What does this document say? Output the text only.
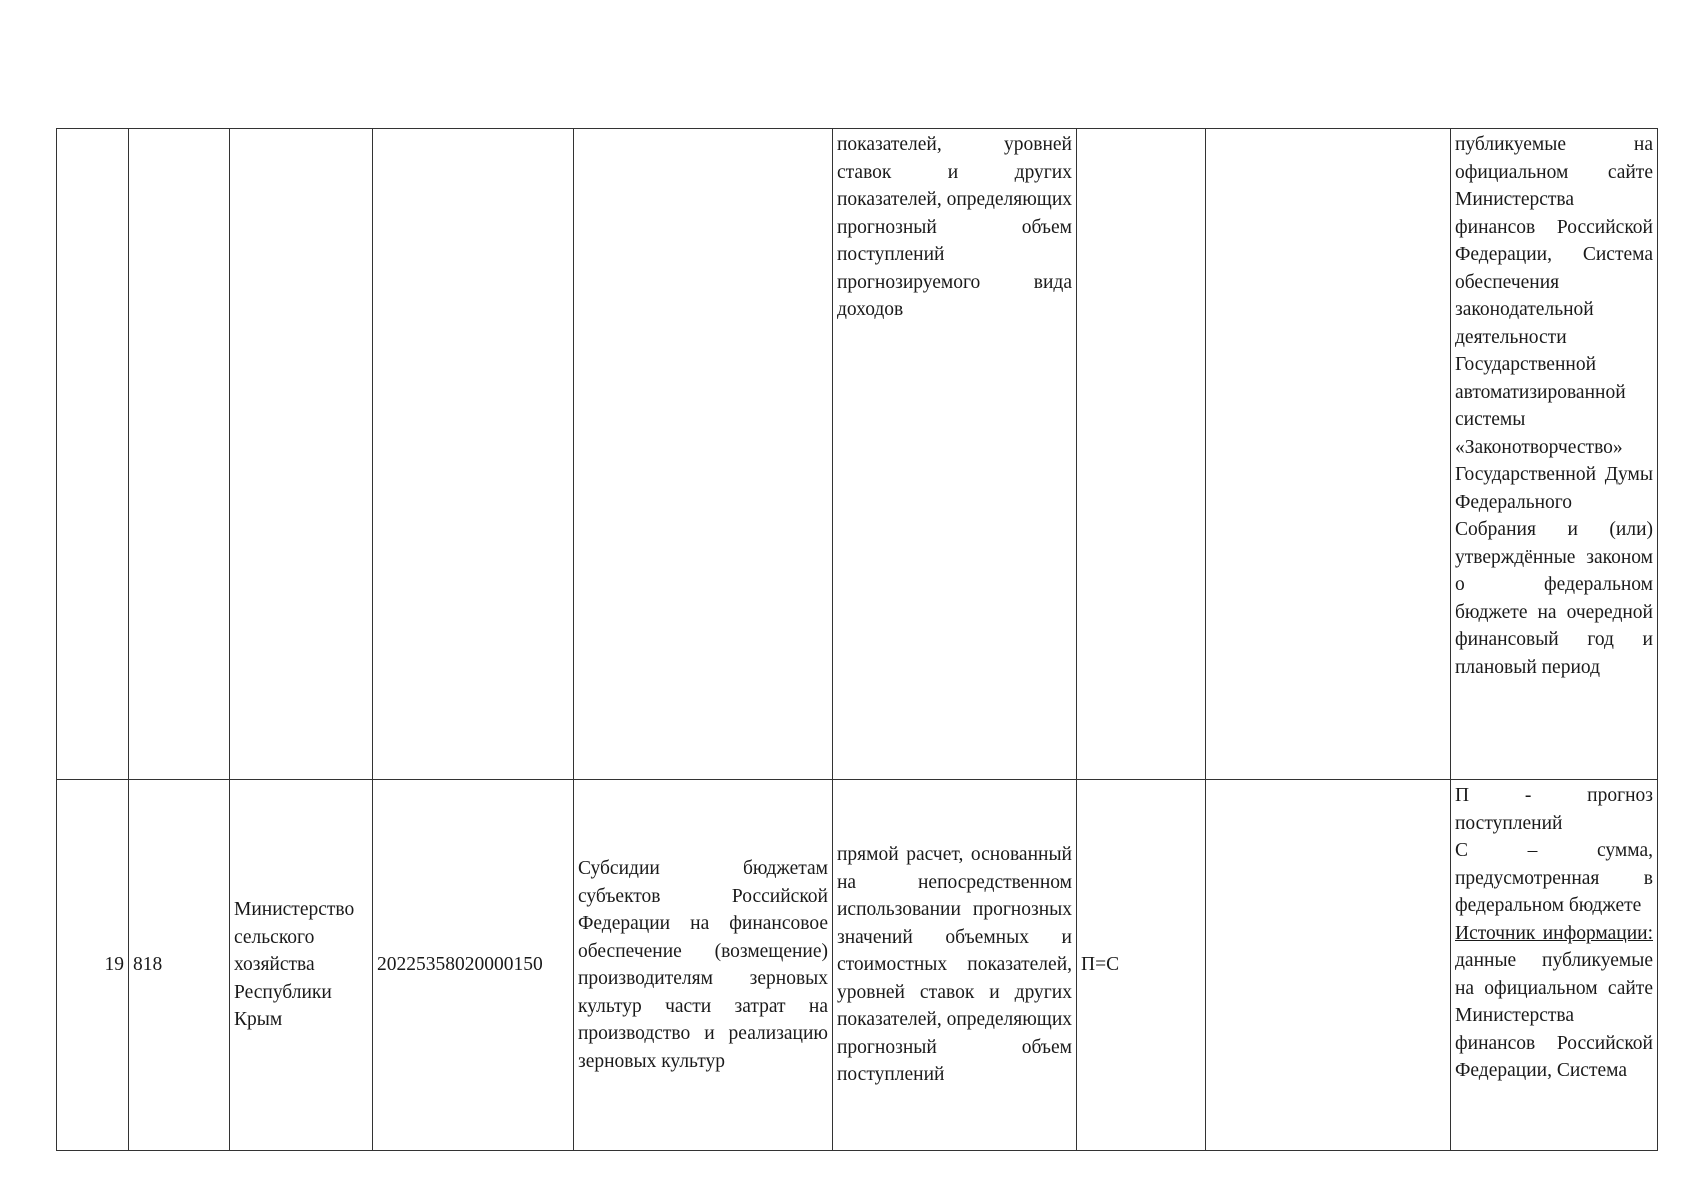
					показателей, уровней ставок и других показателей, определяющих прогнозный объем поступлений прогнозируемого вида доходов			публикуемые на официальном сайте Министерства финансов Российской Федерации, Система обеспечения законодательной деятельности Государственной автоматизированной системы «Законотворчество» Государственной Думы Федерального Собрания и (или) утверждённые законом о федеральном бюджете на очередной финансовый год и плановый период
19	818	Министерство сельского хозяйства Республики Крым	20225358020000150	Субсидии бюджетам субъектов Российской Федерации на финансовое обеспечение (возмещение) производителям зерновых культур части затрат на производство и реализацию зерновых культур	прямой расчет, основанный на непосредственном использовании прогнозных значений объемных и стоимостных показателей, уровней ставок и других показателей, определяющих прогнозный объем поступлений	П=С		П - прогноз поступлений
С – сумма, предусмотренная в федеральном бюджете
Источник информации: данные публикуемые на официальном сайте Министерства финансов Российской Федерации, Система
